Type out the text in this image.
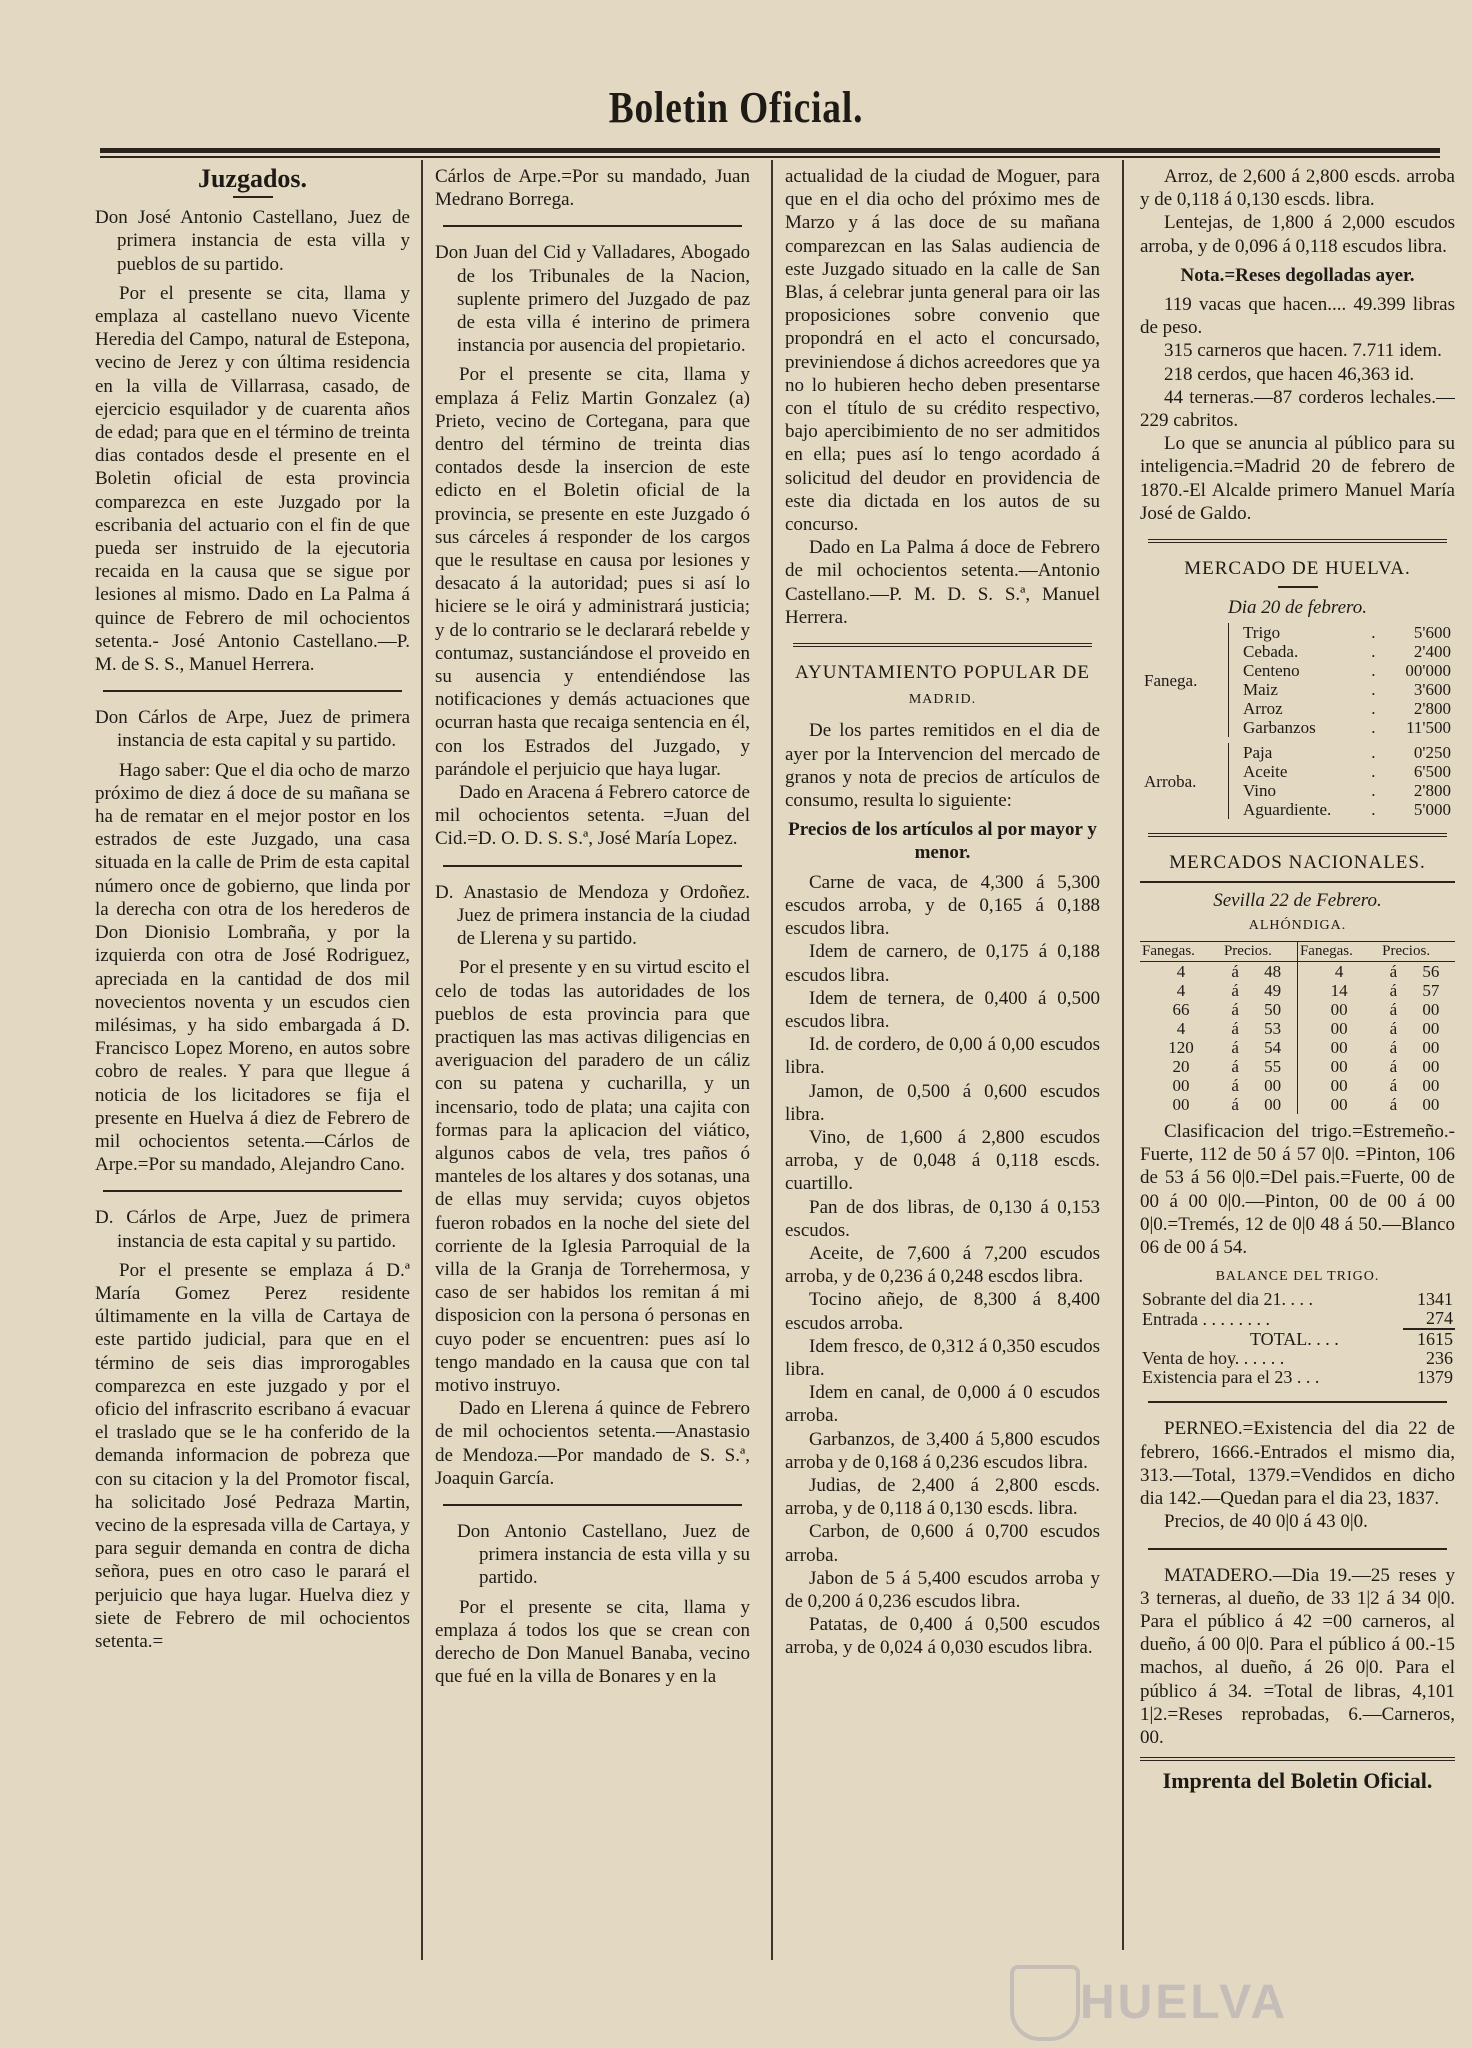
Boletin Oficial.
Juzgados.
Don José Antonio Castellano, Juez de primera instancia de esta villa y pueblos de su partido.

Por el presente se cita, llama y emplaza al castellano nuevo Vicente Heredia del Campo, natural de Estepona, vecino de Jerez y con última residencia en la villa de Villarrasa, casado, de ejercicio esquilador y de cuarenta años de edad; para que en el término de treinta dias contados desde el presente en el Boletin oficial de esta provincia comparezca en este Juzgado por la escribania del actuario con el fin de que pueda ser instruido de la ejecutoria recaida en la causa que se sigue por lesiones al mismo. Dado en La Palma á quince de Febrero de mil ochocientos setenta.- José Antonio Castellano.—P. M. de S. S., Manuel Herrera.

Don Cárlos de Arpe, Juez de primera instancia de esta capital y su partido.

Hago saber: Que el dia ocho de marzo próximo de diez á doce de su mañana se ha de rematar en el mejor postor en los estrados de este Juzgado, una casa situada en la calle de Prim de esta capital número once de gobierno, que linda por la derecha con otra de los herederos de Don Dionisio Lombraña, y por la izquierda con otra de José Rodriguez, apreciada en la cantidad de dos mil novecientos noventa y un escudos cien milésimas, y ha sido embargada á D. Francisco Lopez Moreno, en autos sobre cobro de reales. Y para que llegue á noticia de los licitadores se fija el presente en Huelva á diez de Febrero de mil ochocientos setenta.—Cárlos de Arpe.=Por su mandado, Alejandro Cano.

D. Cárlos de Arpe, Juez de primera instancia de esta capital y su partido.

Por el presente se emplaza á D.ª María Gomez Perez residente últimamente en la villa de Cartaya de este partido judicial, para que en el término de seis dias improrogables comparezca en este juzgado y por el oficio del infrascrito escribano á evacuar el traslado que se le ha conferido de la demanda informacion de pobreza que con su citacion y la del Promotor fiscal, ha solicitado José Pedraza Martin, vecino de la espresada villa de Cartaya, y para seguir demanda en contra de dicha señora, pues en otro caso le parará el perjuicio que haya lugar. Huelva diez y siete de Febrero de mil ochocientos setenta.=

Cárlos de Arpe.=Por su mandado, Juan Medrano Borrega.

Don Juan del Cid y Valladares, Abogado de los Tribunales de la Nacion, suplente primero del Juzgado de paz de esta villa é interino de primera instancia por ausencia del propietario.

Por el presente se cita, llama y emplaza á Feliz Martin Gonzalez (a) Prieto, vecino de Cortegana, para que dentro del término de treinta dias contados desde la insercion de este edicto en el Boletin oficial de la provincia, se presente en este Juzgado ó sus cárceles á responder de los cargos que le resultase en causa por lesiones y desacato á la autoridad; pues si así lo hiciere se le oirá y administrará justicia; y de lo contrario se le declarará rebelde y contumaz, sustanciándose el proveido en su ausencia y entendiéndose las notificaciones y demás actuaciones que ocurran hasta que recaiga sentencia en él, con los Estrados del Juzgado, y parándole el perjuicio que haya lugar.

Dado en Aracena á Febrero catorce de mil ochocientos setenta. =Juan del Cid.=D. O. D. S. S.ª, José María Lopez.

D. Anastasio de Mendoza y Ordoñez. Juez de primera instancia de la ciudad de Llerena y su partido.

Por el presente y en su virtud escito el celo de todas las autoridades de los pueblos de esta provincia para que practiquen las mas activas diligencias en averiguacion del paradero de un cáliz con su patena y cucharilla, y un incensario, todo de plata; una cajita con formas para la aplicacion del viático, algunos cabos de vela, tres paños ó manteles de los altares y dos sotanas, una de ellas muy servida; cuyos objetos fueron robados en la noche del siete del corriente de la Iglesia Parroquial de la villa de la Granja de Torrehermosa, y caso de ser habidos los remitan á mi disposicion con la persona ó personas en cuyo poder se encuentren: pues así lo tengo mandado en la causa que con tal motivo instruyo.

Dado en Llerena á quince de Febrero de mil ochocientos setenta.—Anastasio de Mendoza.—Por mandado de S. S.ª, Joaquin García.

Don Antonio Castellano, Juez de primera instancia de esta villa y su partido.

Por el presente se cita, llama y emplaza á todos los que se crean con derecho de Don Manuel Banaba, vecino que fué en la villa de Bonares y en la

actualidad de la ciudad de Moguer, para que en el dia ocho del próximo mes de Marzo y á las doce de su mañana comparezcan en las Salas audiencia de este Juzgado situado en la calle de San Blas, á celebrar junta general para oir las proposiciones sobre convenio que propondrá en el acto el concursado, previniendose á dichos acreedores que ya no lo hubieren hecho deben presentarse con el título de su crédito respectivo, bajo apercibimiento de no ser admitidos en ella; pues así lo tengo acordado á solicitud del deudor en providencia de este dia dictada en los autos de su concurso.

Dado en La Palma á doce de Febrero de mil ochocientos setenta.—Antonio Castellano.—P. M. D. S. S.ª, Manuel Herrera.

AYUNTAMIENTO POPULAR DE
MADRID.

De los partes remitidos en el dia de ayer por la Intervencion del mercado de granos y nota de precios de artículos de consumo, resulta lo siguiente:

Precios de los artículos al por mayor y menor.

Carne de vaca, de 4,300 á 5,300 escudos arroba, y de 0,165 á 0,188 escudos libra.

Idem de carnero, de 0,175 á 0,188 escudos libra.

Idem de ternera, de 0,400 á 0,500 escudos libra.

Id. de cordero, de 0,00 á 0,00 escudos libra.

Jamon, de 0,500 á 0,600 escudos libra.

Vino, de 1,600 á 2,800 escudos arroba, y de 0,048 á 0,118 escds. cuartillo.

Pan de dos libras, de 0,130 á 0,153 escudos.

Aceite, de 7,600 á 7,200 escudos arroba, y de 0,236 á 0,248 escdos libra.

Tocino añejo, de 8,300 á 8,400 escudos arroba.

Idem fresco, de 0,312 á 0,350 escudos libra.

Idem en canal, de 0,000 á 0 escudos arroba.

Garbanzos, de 3,400 á 5,800 escudos arroba y de 0,168 á 0,236 escudos libra.

Judias, de 2,400 á 2,800 escds. arroba, y de 0,118 á 0,130 escds. libra.

Carbon, de 0,600 á 0,700 escudos arroba.

Jabon de 5 á 5,400 escudos arroba y de 0,200 á 0,236 escudos libra.

Patatas, de 0,400 á 0,500 escudos arroba, y de 0,024 á 0,030 escudos libra.

Arroz, de 2,600 á 2,800 escds. arroba y de 0,118 á 0,130 escds. libra.

Lentejas, de 1,800 á 2,000 escudos arroba, y de 0,096 á 0,118 escudos libra.

Nota.=Reses degolladas ayer.

119 vacas que hacen.... 49.399 libras de peso.

315 carneros que hacen. 7.711 idem.

218 cerdos, que hacen 46,363 id.

44 terneras.—87 corderos lechales.—229 cabritos.

Lo que se anuncia al público para su inteligencia.=Madrid 20 de febrero de 1870.-El Alcalde primero Manuel María José de Galdo.

MERCADO DE HUELVA.
Dia 20 de febrero.
Fanega.		Trigo	.	5'600
		Cebada.	.	2'400
		Centeno	.	00'000
		Maiz	.	3'600
		Arroz	.	2'800
		Garbanzos	.	11'500

Arroba.		Paja	.	0'250
		Aceite	.	6'500
		Vino	.	2'800
		Aguardiente.	.	5'000
MERCADOS NACIONALES.
Sevilla 22 de Febrero.
ALHÓNDIGA.
Fanegas.	Precios.		Fanegas.	Precios.	
4	á	48	4	á	56
4	á	49	14	á	57
66	á	50	00	á	00
4	á	53	00	á	00
120	á	54	00	á	00
20	á	55	00	á	00
00	á	00	00	á	00
00	á	00	00	á	00

Clasificacion del trigo.=Estremeño.-Fuerte, 112 de 50 á 57 0|0. =Pinton, 106 de 53 á 56 0|0.=Del pais.=Fuerte, 00 de 00 á 00 0|0.—Pinton, 00 de 00 á 00 0|0.=Tremés, 12 de 0|0 48 á 50.—Blanco 06 de 00 á 54.

BALANCE DEL TRIGO.
Sobrante del dia 21. . . .	1341
Entrada . . . . . . . .	274
TOTAL. . . .	1615
Venta de hoy. . . . . .	236
Existencia para el 23 . . .	1379

PERNEO.=Existencia del dia 22 de febrero, 1666.-Entrados el mismo dia, 313.—Total, 1379.=Vendidos en dicho dia 142.—Quedan para el dia 23, 1837.

Precios, de 40 0|0 á 43 0|0.

MATADERO.—Dia 19.—25 reses y 3 terneras, al dueño, de 33 1|2 á 34 0|0. Para el público á 42 =00 carneros, al dueño, á 00 0|0. Para el público á 00.-15 machos, al dueño, á 26 0|0. Para el público á 34. =Total de libras, 4,101 1|2.=Reses reprobadas, 6.—Carneros, 00.

Imprenta del Boletin Oficial.
HUELVA
